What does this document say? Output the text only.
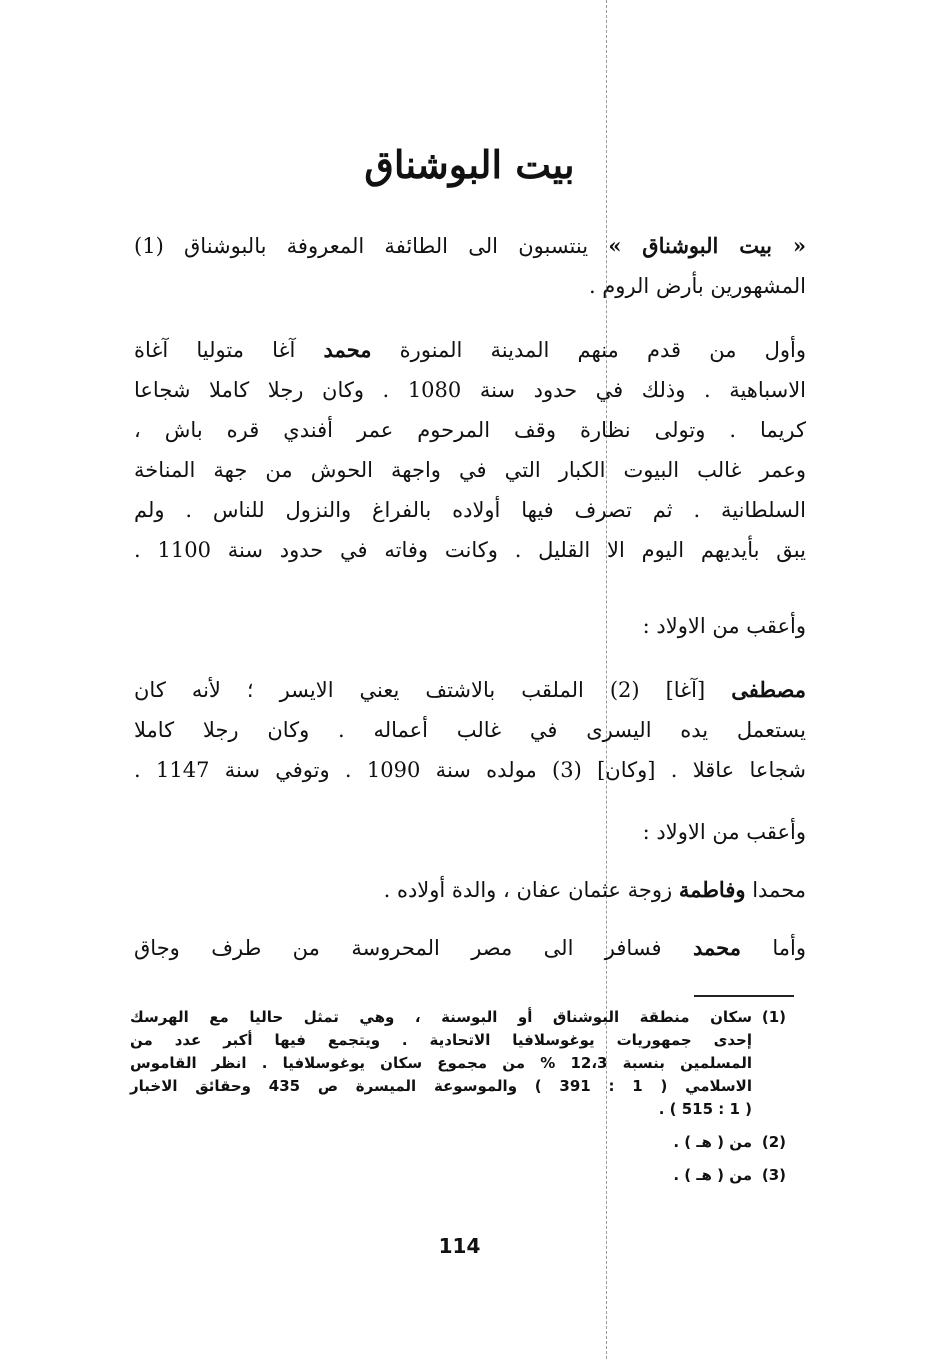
بيت البوشناق
« بيت البوشناق » ينتسبون الى الطائفة المعروفة بالبوشناق (1)
المشهورين بأرض الروم .
وأول من قدم منهم المدينة المنورة محمد آغا متوليا آغاة
الاسباهية . وذلك في حدود سنة 1080 . وكان رجلا كاملا شجاعا
كريما . وتولى نظارة وقف المرحوم عمر أفندي قره باش ،
وعمر غالب البيوت الكبار التي في واجهة الحوش من جهة المناخة
السلطانية . ثم تصرف فيها أولاده بالفراغ والنزول للناس . ولم
يبق بأيديهم اليوم الا القليل . وكانت وفاته في حدود سنة 1100 .
وأعقب من الاولاد :
مصطفى [آغا] (2) الملقب بالاشتف يعني الايسر ؛ لأنه كان
يستعمل يده اليسرى في غالب أعماله . وكان رجلا كاملا
شجاعا عاقلا . [وكان] (3) مولده سنة 1090 . وتوفي سنة 1147 .
وأعقب من الاولاد :
محمدا وفاطمة زوجة عثمان عفان ، والدة أولاده .
وأما محمد فسافر الى مصر المحروسة من طرف وجاق
(1)
سكان منطقة البوشناق أو البوسنة ، وهي تمثل حاليا مع الهرسك
إحدى جمهوريات يوغوسلافيا الاتحادية . ويتجمع فيها أكبر عدد من
المسلمين بنسبة 12،3 % من مجموع سكان يوغوسلافيا . انظر القاموس
الاسلامي ( 1 : 391 ) والموسوعة الميسرة ص 435 وحقائق الاخبار
( 1 : 515 ) .
(2)
من ( هـ ) .
(3)
من ( هـ ) .
114
